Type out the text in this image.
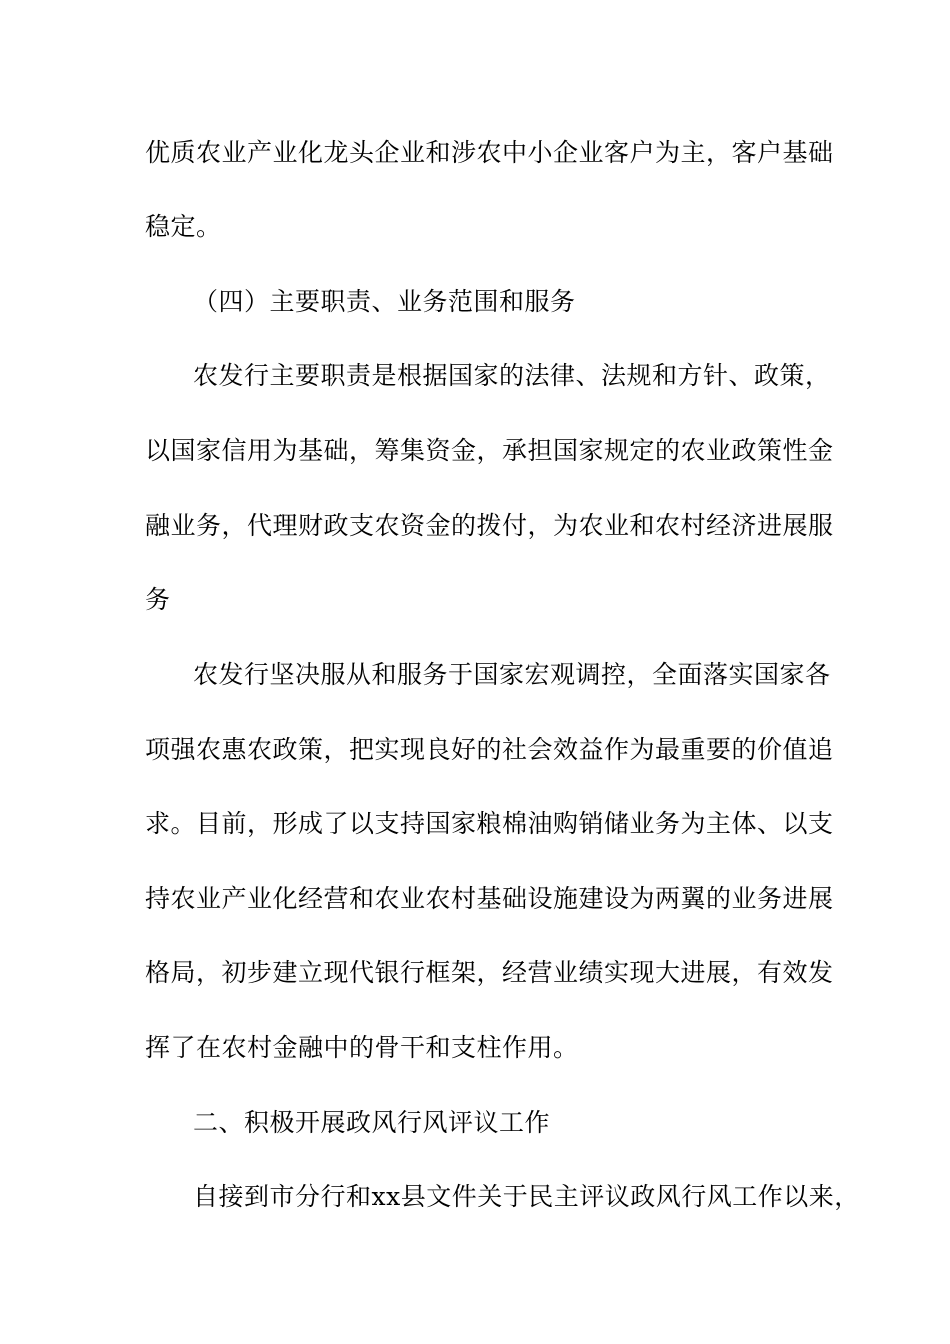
优质农业产业化龙头企业和涉农中小企业客户为主，客户基础
稳定。
（四）主要职责、业务范围和服务
农发行主要职责是根据国家的法律、法规和方针、政策，
以国家信用为基础，筹集资金，承担国家规定的农业政策性金
融业务，代理财政支农资金的拨付，为农业和农村经济进展服
务
农发行坚决服从和服务于国家宏观调控，全面落实国家各
项强农惠农政策，把实现良好的社会效益作为最重要的价值追
求。目前，形成了以支持国家粮棉油购销储业务为主体、以支
持农业产业化经营和农业农村基础设施建设为两翼的业务进展
格局，初步建立现代银行框架，经营业绩实现大进展，有效发
挥了在农村金融中的骨干和支柱作用。
二、积极开展政风行风评议工作
自接到市分行和xx县文件关于民主评议政风行风工作以来，
